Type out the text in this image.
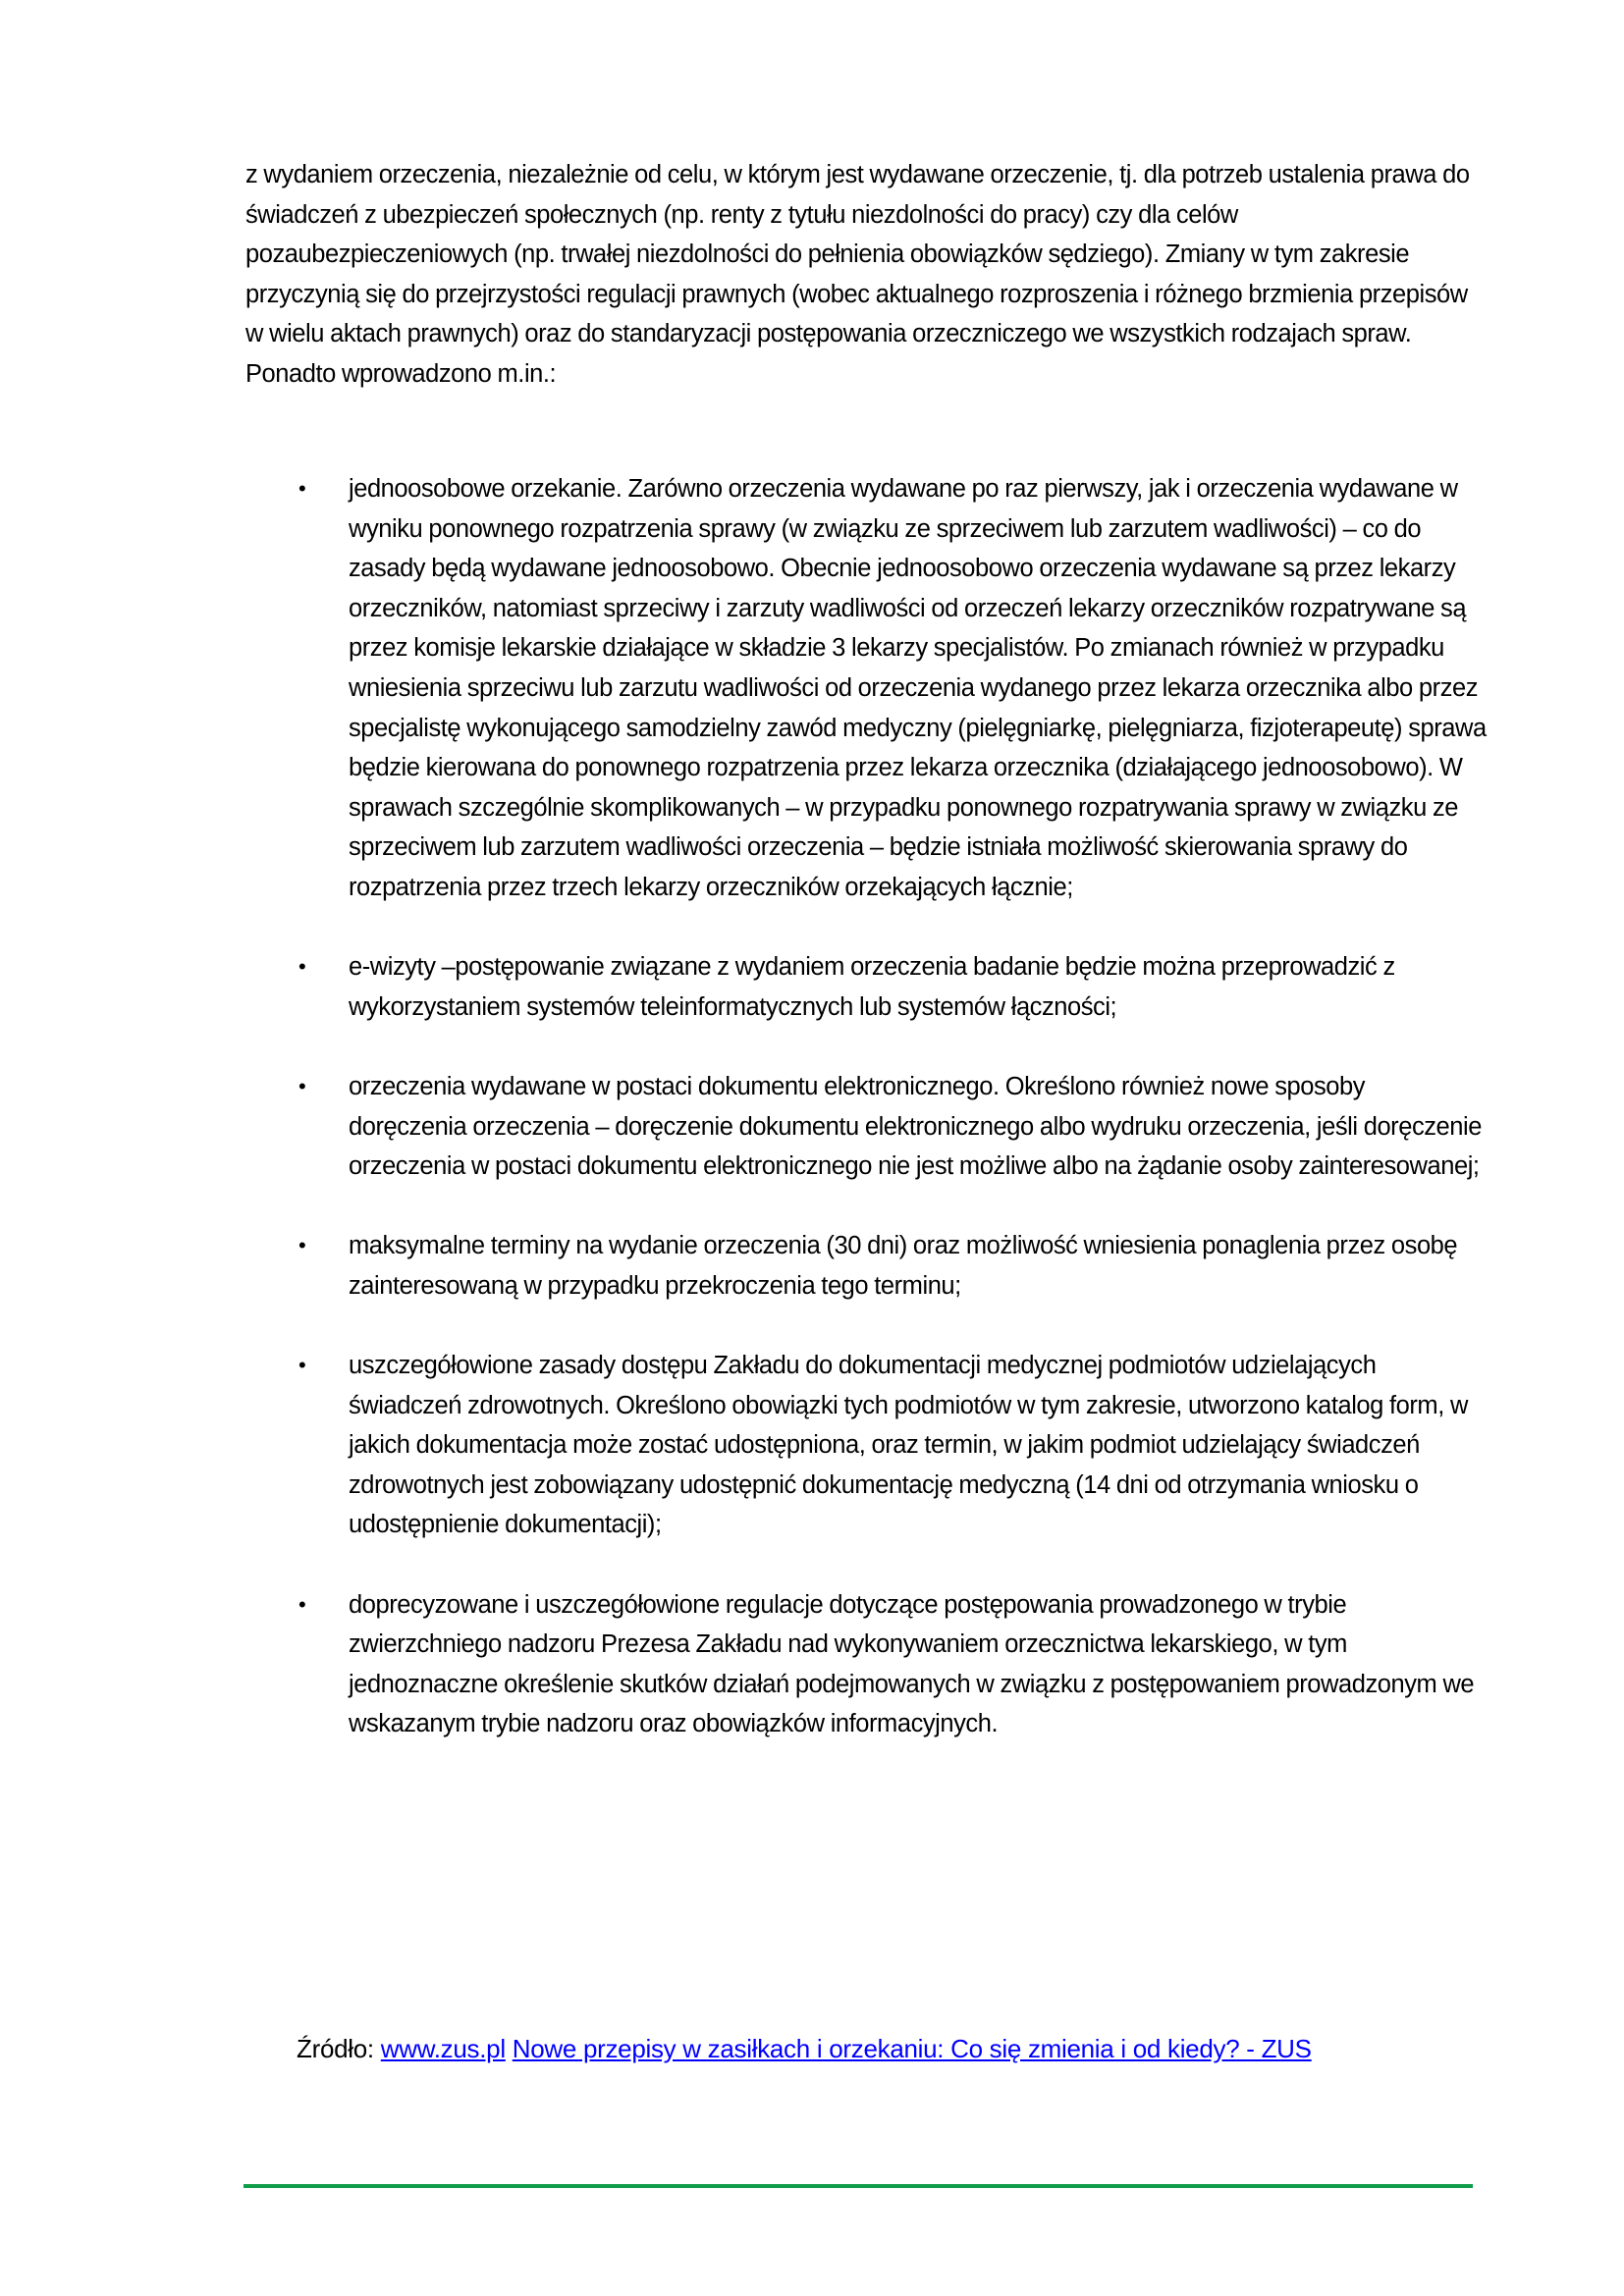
z wydaniem orzeczenia, niezależnie od celu, w którym jest wydawane orzeczenie, tj. dla potrzeb ustalenia prawa do świadczeń z ubezpieczeń społecznych (np. renty z tytułu niezdolności do pracy) czy dla celów pozaubezpieczeniowych (np. trwałej niezdolności do pełnienia obowiązków sędziego). Zmiany w tym zakresie przyczynią się do przejrzystości regulacji prawnych (wobec aktualnego rozproszenia i różnego brzmienia przepisów w wielu aktach prawnych) oraz do standaryzacji postępowania orzeczniczego we wszystkich rodzajach spraw. Ponadto wprowadzono m.in.:

• jednoosobowe orzekanie. Zarówno orzeczenia wydawane po raz pierwszy, jak i orzeczenia wydawane w wyniku ponownego rozpatrzenia sprawy (w związku ze sprzeciwem lub zarzutem wadliwości) – co do zasady będą wydawane jednoosobowo. Obecnie jednoosobowo orzeczenia wydawane są przez lekarzy orzeczników, natomiast sprzeciwy i zarzuty wadliwości od orzeczeń lekarzy orzeczników rozpatrywane są przez komisje lekarskie działające w składzie 3 lekarzy specjalistów. Po zmianach również w przypadku wniesienia sprzeciwu lub zarzutu wadliwości od orzeczenia wydanego przez lekarza orzecznika albo przez specjalistę wykonującego samodzielny zawód medyczny (pielęgniarkę, pielęgniarza, fizjoterapeutę) sprawa będzie kierowana do ponownego rozpatrzenia przez lekarza orzecznika (działającego jednoosobowo). W sprawach szczególnie skomplikowanych – w przypadku ponownego rozpatrywania sprawy w związku ze sprzeciwem lub zarzutem wadliwości orzeczenia – będzie istniała możliwość skierowania sprawy do rozpatrzenia przez trzech lekarzy orzeczników orzekających łącznie;
• e-wizyty –postępowanie związane z wydaniem orzeczenia badanie będzie można przeprowadzić z wykorzystaniem systemów teleinformatycznych lub systemów łączności;
• orzeczenia wydawane w postaci dokumentu elektronicznego. Określono również nowe sposoby doręczenia orzeczenia – doręczenie dokumentu elektronicznego albo wydruku orzeczenia, jeśli doręczenie orzeczenia w postaci dokumentu elektronicznego nie jest możliwe albo na żądanie osoby zainteresowanej;
• maksymalne terminy na wydanie orzeczenia (30 dni) oraz możliwość wniesienia ponaglenia przez osobę zainteresowaną w przypadku przekroczenia tego terminu;
• uszczegółowione zasady dostępu Zakładu do dokumentacji medycznej podmiotów udzielających świadczeń zdrowotnych. Określono obowiązki tych podmiotów w tym zakresie, utworzono katalog form, w jakich dokumentacja może zostać udostępniona, oraz termin, w jakim podmiot udzielający świadczeń zdrowotnych jest zobowiązany udostępnić dokumentację medyczną (14 dni od otrzymania wniosku o udostępnienie dokumentacji);
• doprecyzowane i uszczegółowione regulacje dotyczące postępowania prowadzonego w trybie zwierzchniego nadzoru Prezesa Zakładu nad wykonywaniem orzecznictwa lekarskiego, w tym jednoznaczne określenie skutków działań podejmowanych w związku z postępowaniem prowadzonym we wskazanym trybie nadzoru oraz obowiązków informacyjnych.
Źródło: www.zus.pl Nowe przepisy w zasiłkach i orzekaniu: Co się zmienia i od kiedy? - ZUS
